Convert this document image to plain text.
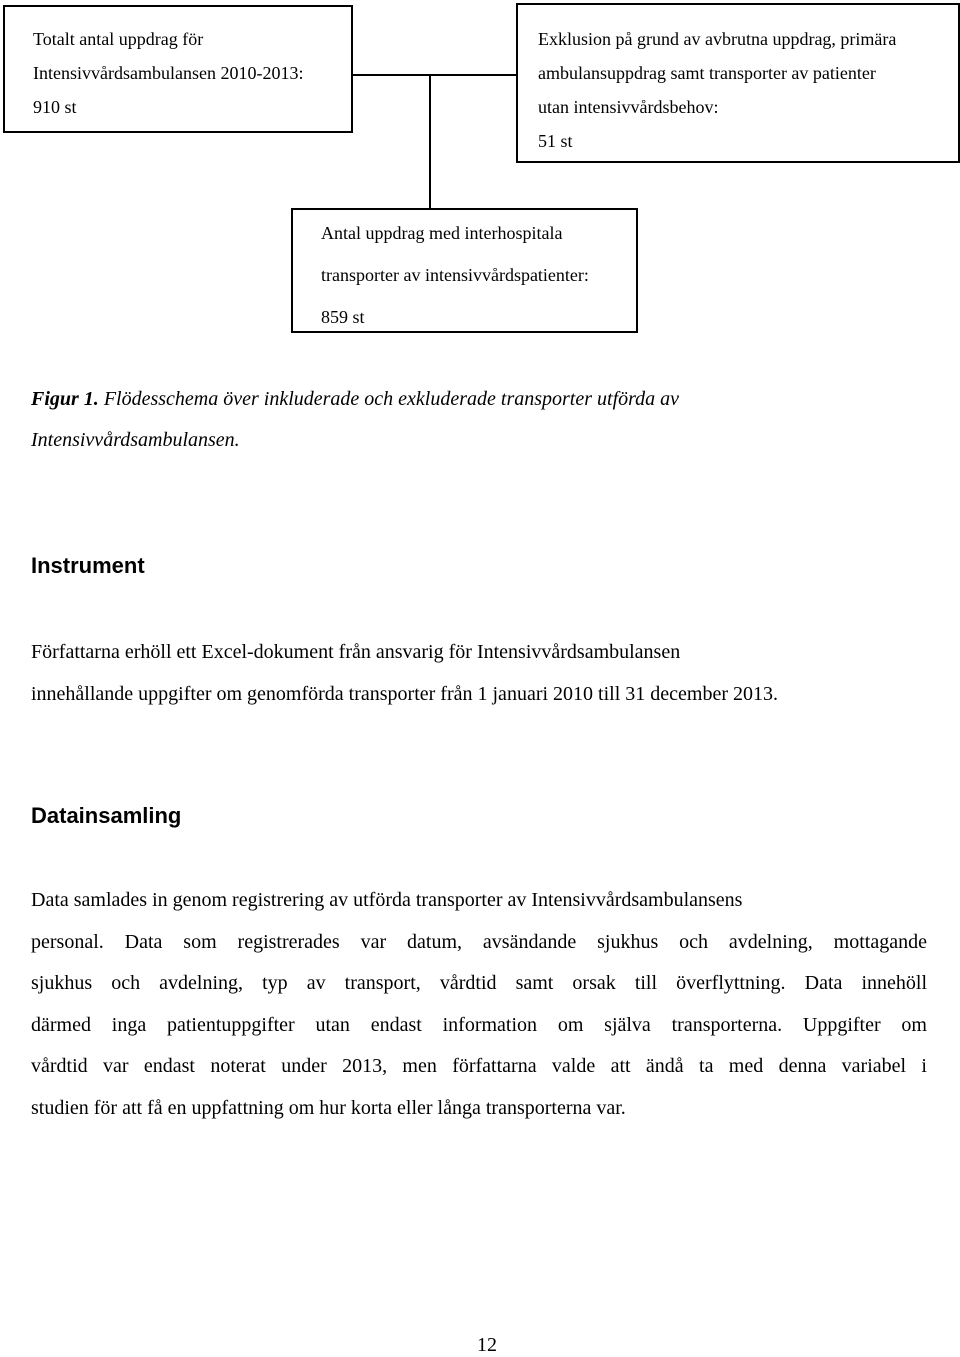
Totalt antal uppdrag för
Intensivvårdsambulansen 2010-2013:
910 st
Exklusion på grund av avbrutna uppdrag, primära
ambulansuppdrag samt transporter av patienter
utan intensivvårdsbehov:
51 st
Antal uppdrag med interhospitala
transporter av intensivvårdspatienter:
859 st
Figur 1. Flödesschema över inkluderade och exkluderade transporter utförda av
Intensivvårdsambulansen.
Instrument

Författarna erhöll ett Excel-dokument från ansvarig för Intensivvårdsambulansen
innehållande uppgifter om genomförda transporter från 1 januari 2010 till 31 december 2013.

Datainsamling

Data samlades in genom registrering av utförda transporter av Intensivvårdsambulansens
personal. Data som registrerades var datum, avsändande sjukhus och avdelning, mottagande
sjukhus och avdelning, typ av transport, vårdtid samt orsak till överflyttning. Data innehöll
därmed inga patientuppgifter utan endast information om själva transporterna. Uppgifter om
vårdtid var endast noterat under 2013, men författarna valde att ändå ta med denna variabel i
studien för att få en uppfattning om hur korta eller långa transporterna var.

12
